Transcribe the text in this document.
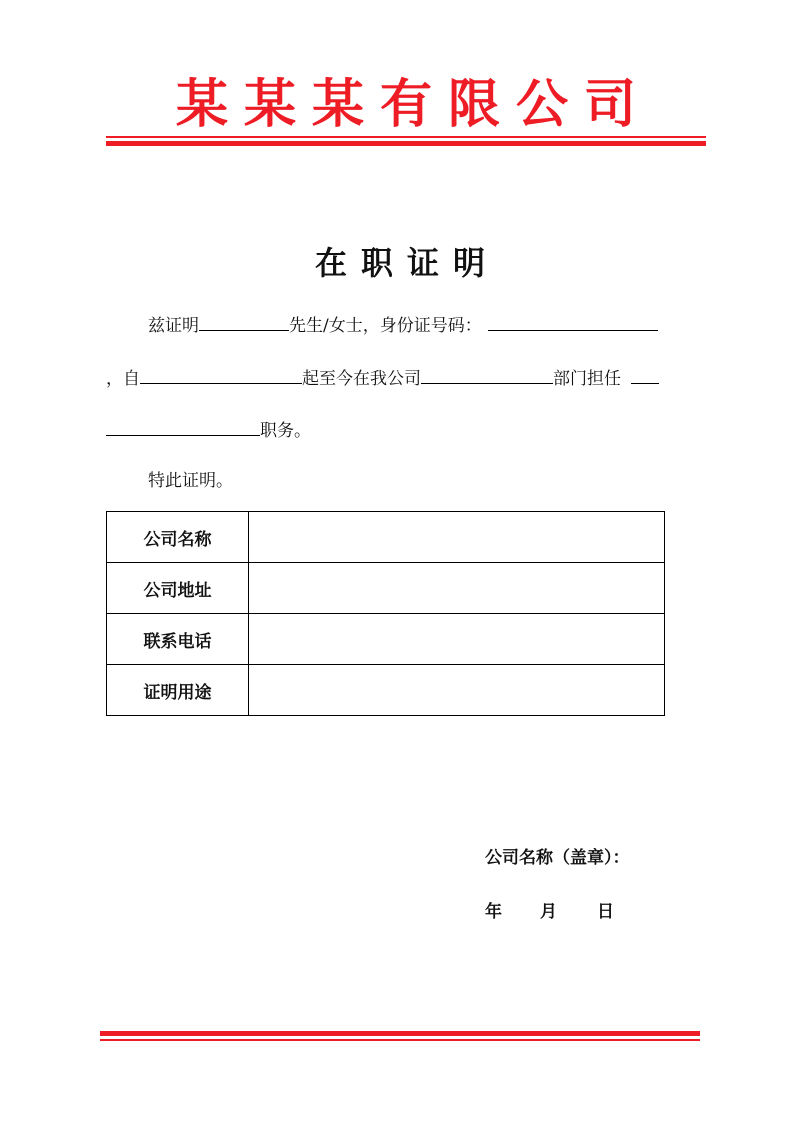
某某某有限公司
在职证明
兹证明	先生/女士，身份证号码：
，自	起至今在我公司	部门担任
职务。
特此证明。
公司名称	
公司地址	
联系电话	
证明用途	
公司名称（盖章）：
年 月 日
